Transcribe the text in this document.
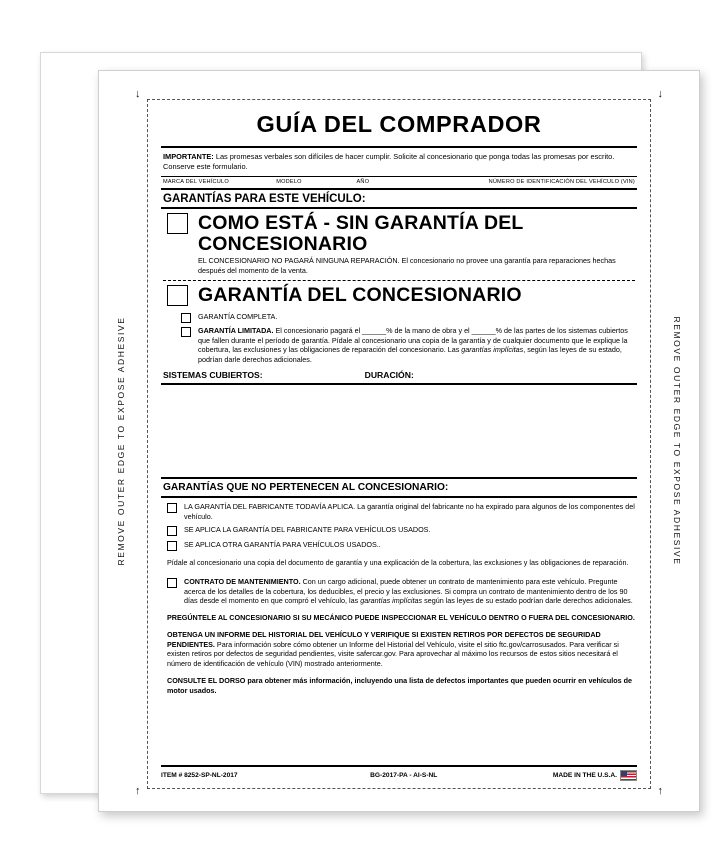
↓	↓
↑	↑
REMOVE OUTER EDGE TO EXPOSE ADHESIVE	REMOVE OUTER EDGE TO EXPOSE ADHESIVE
GUÍA DEL COMPRADOR
IMPORTANTE: Las promesas verbales son difíciles de hacer cumplir. Solicite al concesionario que ponga todas las promesas por escrito. Conserve este formulario.
MARCA DEL VEHÍCULO	MODELO	AÑO	NÚMERO DE IDENTIFICACIÓN DEL VEHÍCULO (VIN)
GARANTÍAS PARA ESTE VEHÍCULO:
COMO ESTÁ - SIN GARANTÍA DEL CONCESIONARIO
EL CONCESIONARIO NO PAGARÁ NINGUNA REPARACIÓN. El concesionario no provee una garantía para reparaciones hechas después del momento de la venta.
GARANTÍA DEL CONCESIONARIO
GARANTÍA COMPLETA.
GARANTÍA LIMITADA. El concesionario pagará el ______% de la mano de obra y el ______% de las partes de los sistemas cubiertos que fallen durante el período de garantía. Pídale al concesionario una copia de la garantía y de cualquier documento que le explique la cobertura, las exclusiones y las obligaciones de reparación del concesionario. Las garantías implícitas, según las leyes de su estado, podrían darle derechos adicionales.
SISTEMAS CUBIERTOS:	DURACIÓN:
GARANTÍAS QUE NO PERTENECEN AL CONCESIONARIO:
LA GARANTÍA DEL FABRICANTE TODAVÍA APLICA. La garantía original del fabricante no ha expirado para algunos de los componentes del vehículo.
SE APLICA LA GARANTÍA DEL FABRICANTE PARA VEHÍCULOS USADOS.
SE APLICA OTRA GARANTÍA PARA VEHÍCULOS USADOS..
Pídale al concesionario una copia del documento de garantía y una explicación de la cobertura, las exclusiones y las obligaciones de reparación.
CONTRATO DE MANTENIMIENTO. Con un cargo adicional, puede obtener un contrato de mantenimiento para este vehículo. Pregunte acerca de los detalles de la cobertura, los deducibles, el precio y las exclusiones. Si compra un contrato de mantenimiento dentro de los 90 días desde el momento en que compró el vehículo, las garantías implícitas según las leyes de su estado podrían darle derechos adicionales.
PREGÚNTELE AL CONCESIONARIO SI SU MECÁNICO PUEDE INSPECCIONAR EL VEHÍCULO DENTRO O FUERA DEL CONCESIONARIO.
OBTENGA UN INFORME DEL HISTORIAL DEL VEHÍCULO Y VERIFIQUE SI EXISTEN RETIROS POR DEFECTOS DE SEGURIDAD PENDIENTES. Para información sobre cómo obtener un Informe del Historial del Vehículo, visite el sitio ftc.gov/carrosusados. Para verificar si existen retiros por defectos de seguridad pendientes, visite safercar.gov. Para aprovechar al máximo los recursos de estos sitios necesitará el número de identificación de vehículo (VIN) mostrado anteriormente.
CONSULTE EL DORSO para obtener más información, incluyendo una lista de defectos importantes que pueden ocurrir en vehículos de motor usados.
ITEM # 8252-SP-NL-2017	BG-2017-PA - AI-S-NL	MADE IN THE U.S.A.
